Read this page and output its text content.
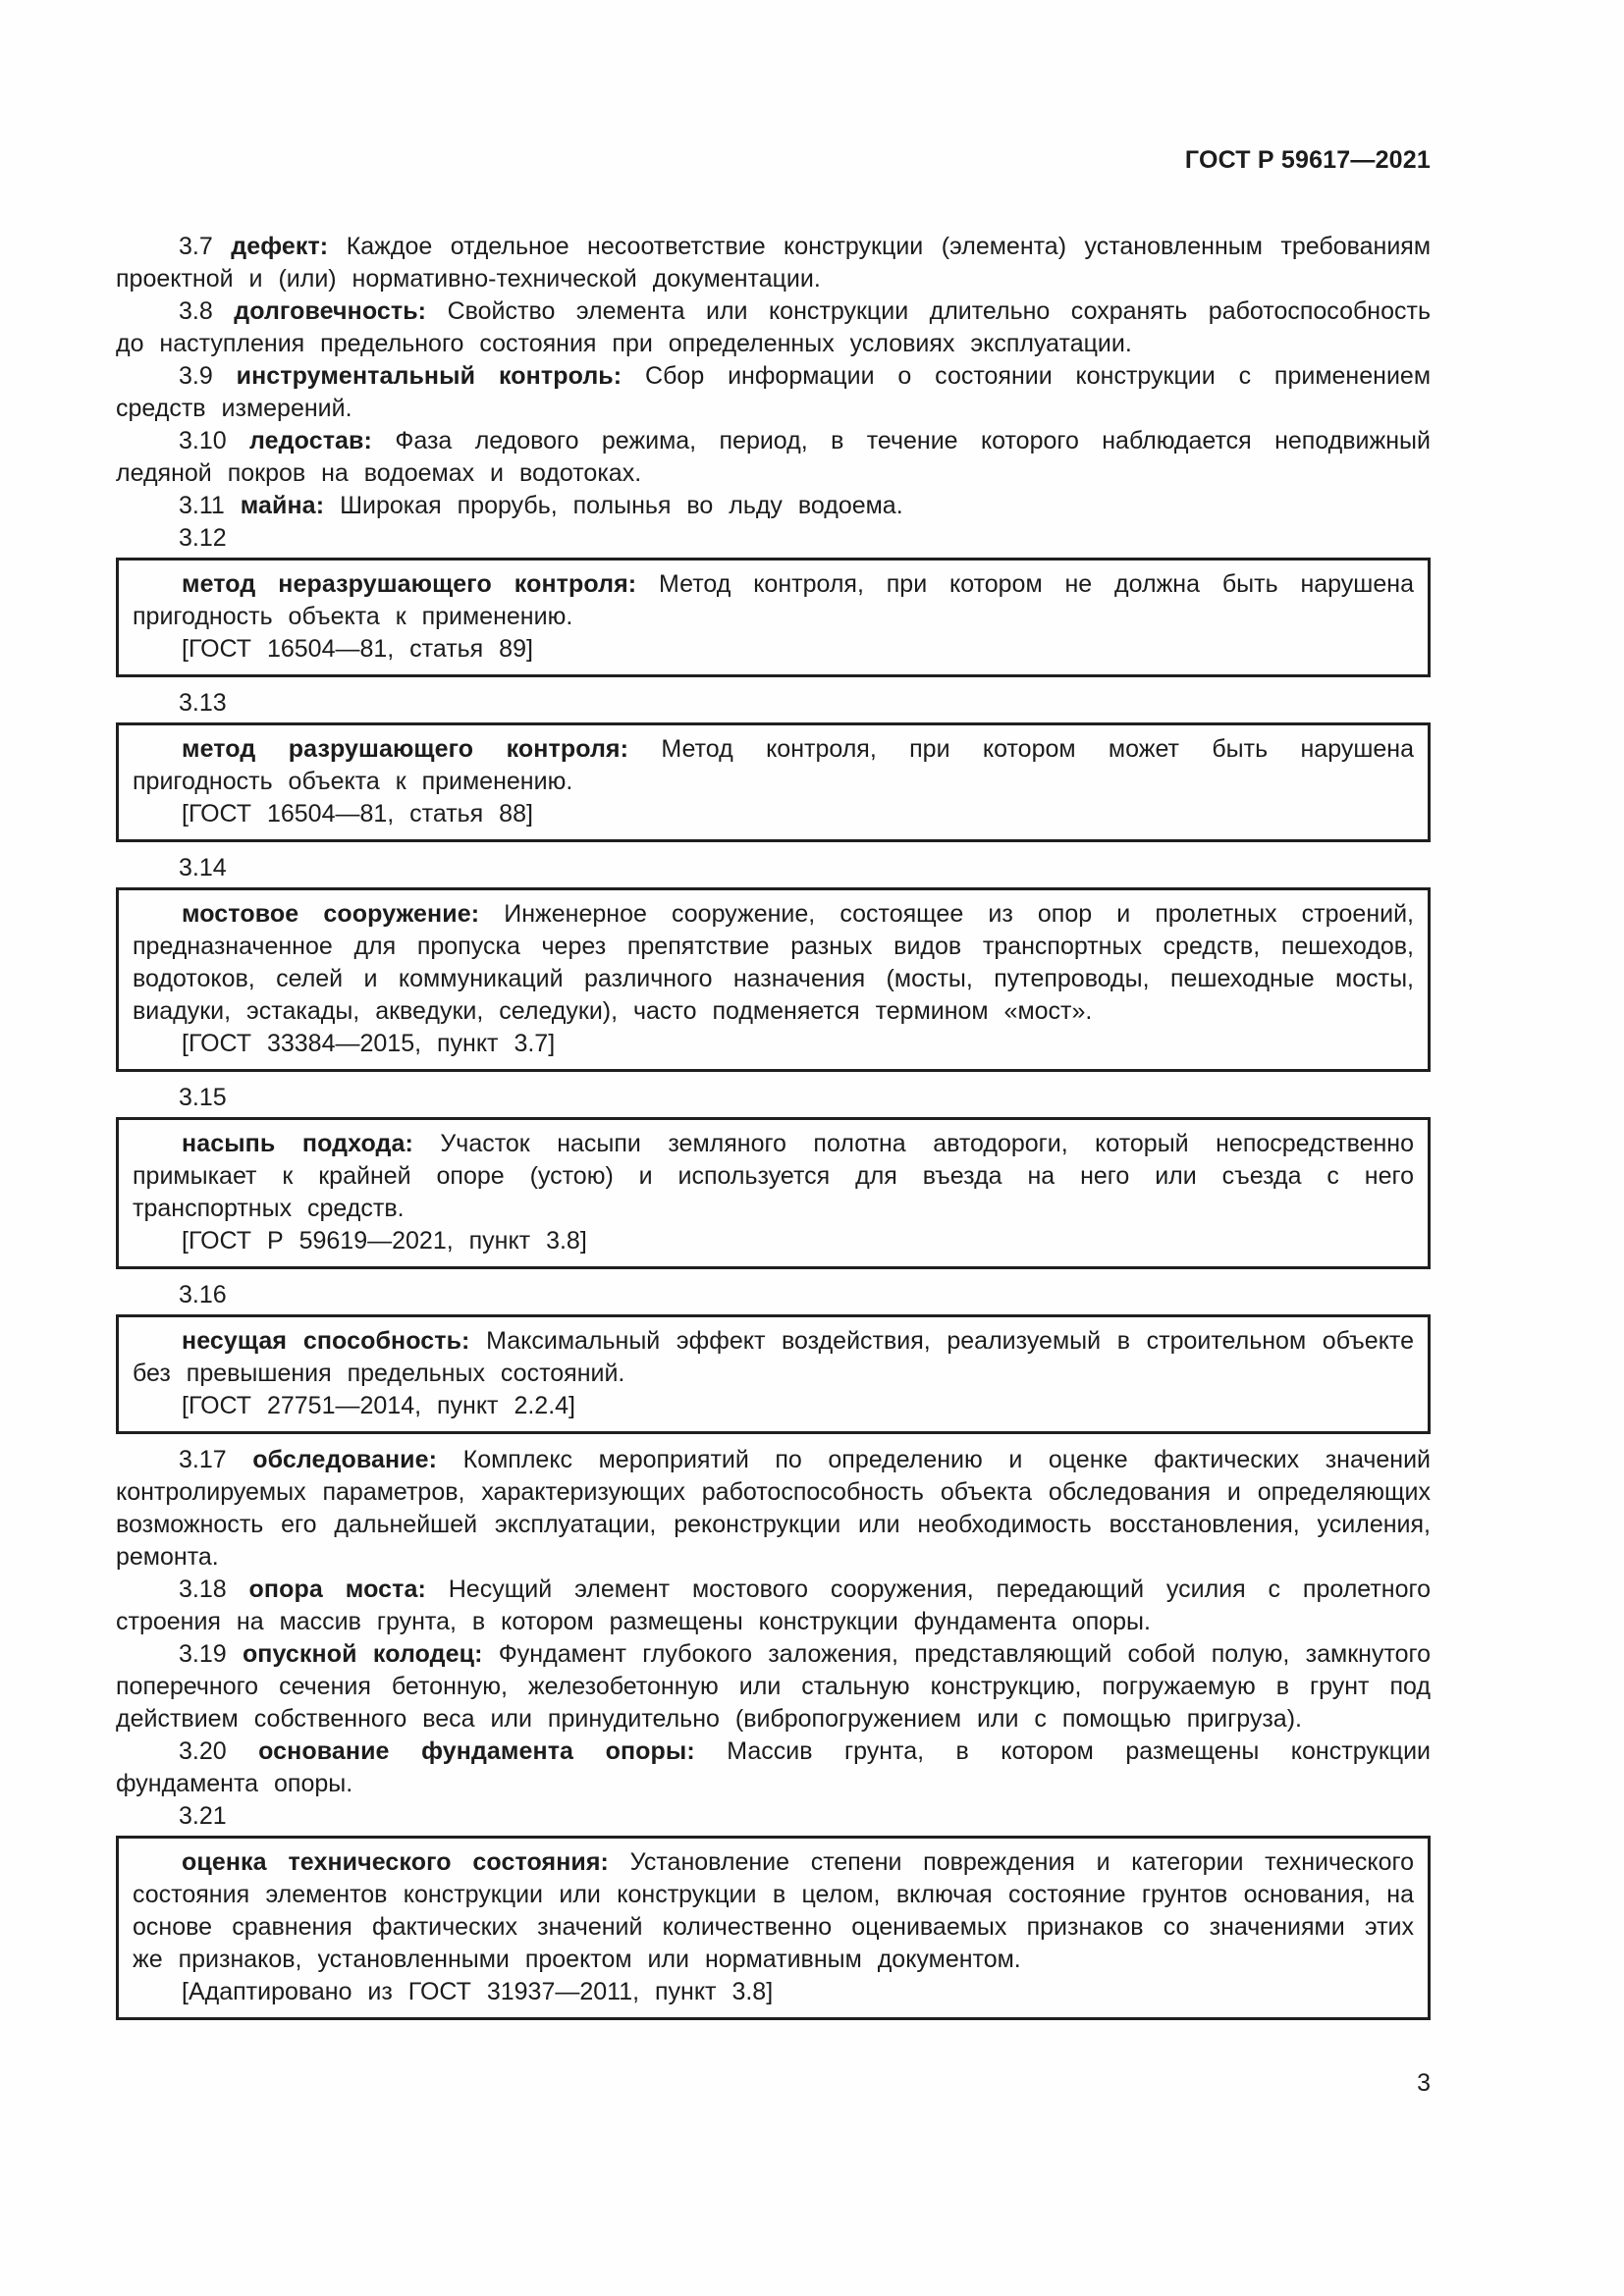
ГОСТ Р 59617—2021

3.7 дефект: Каждое отдельное несоответствие конструкции (элемента) установленным требованиям проектной и (или) нормативно-технической документации.

3.8 долговечность: Свойство элемента или конструкции длительно сохранять работоспособность до наступления предельного состояния при определенных условиях эксплуатации.

3.9 инструментальный контроль: Сбор информации о состоянии конструкции с применением средств измерений.

3.10 ледостав: Фаза ледового режима, период, в течение которого наблюдается неподвижный ледяной покров на водоемах и водотоках.

3.11 майна: Широкая прорубь, полынья во льду водоема.

3.12

метод неразрушающего контроля: Метод контроля, при котором не должна быть нарушена пригодность объекта к применению.

[ГОСТ 16504—81, статья 89]

3.13

метод разрушающего контроля: Метод контроля, при котором может быть нарушена пригодность объекта к применению.

[ГОСТ 16504—81, статья 88]

3.14

мостовое сооружение: Инженерное сооружение, состоящее из опор и пролетных строений, предназначенное для пропуска через препятствие разных видов транспортных средств, пешеходов, водотоков, селей и коммуникаций различного назначения (мосты, путепроводы, пешеходные мосты, виадуки, эстакады, акведуки, селедуки), часто подменяется термином «мост».

[ГОСТ 33384—2015, пункт 3.7]

3.15

насыпь подхода: Участок насыпи земляного полотна автодороги, который непосредственно примыкает к крайней опоре (устою) и используется для въезда на него или съезда с него транспортных средств.

[ГОСТ Р 59619—2021, пункт 3.8]

3.16

несущая способность: Максимальный эффект воздействия, реализуемый в строительном объекте без превышения предельных состояний.

[ГОСТ 27751—2014, пункт 2.2.4]

3.17 обследование: Комплекс мероприятий по определению и оценке фактических значений контролируемых параметров, характеризующих работоспособность объекта обследования и определяющих возможность его дальнейшей эксплуатации, реконструкции или необходимость восстановления, усиления, ремонта.

3.18 опора моста: Несущий элемент мостового сооружения, передающий усилия с пролетного строения на массив грунта, в котором размещены конструкции фундамента опоры.

3.19 опускной колодец: Фундамент глубокого заложения, представляющий собой полую, замкнутого поперечного сечения бетонную, железобетонную или стальную конструкцию, погружаемую в грунт под действием собственного веса или принудительно (вибропогружением или с помощью пригруза).

3.20 основание фундамента опоры: Массив грунта, в котором размещены конструкции фундамента опоры.

3.21

оценка технического состояния: Установление степени повреждения и категории технического состояния элементов конструкции или конструкции в целом, включая состояние грунтов основания, на основе сравнения фактических значений количественно оцениваемых признаков со значениями этих же признаков, установленными проектом или нормативным документом.

[Адаптировано из ГОСТ 31937—2011, пункт 3.8]

3
